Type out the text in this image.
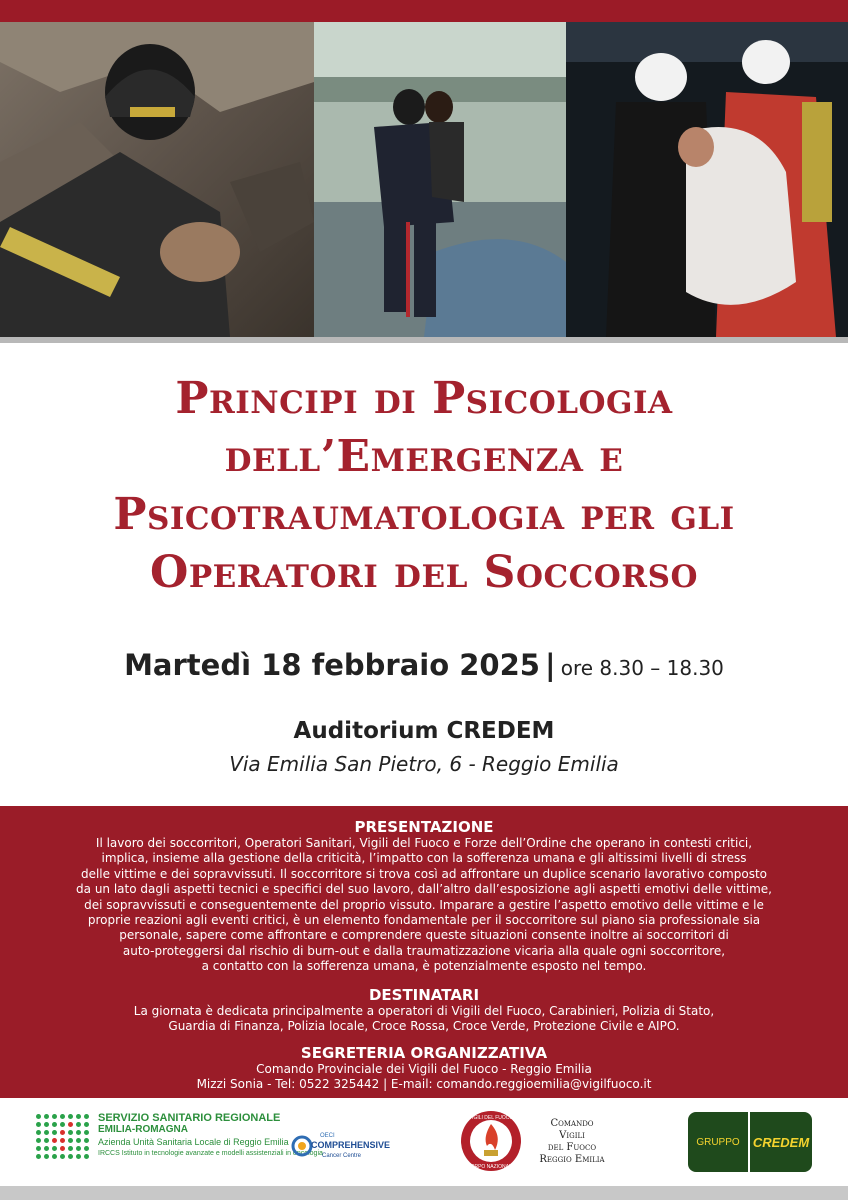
Principi di Psicologia
dell’Emergenza e
Psicotraumatologia per gli
Operatori del Soccorso
Martedì 18 febbraio 2025 | ore 8.30 – 18.30
Auditorium CREDEM
Via Emilia San Pietro, 6 - Reggio Emilia
PRESENTAZIONE
Il lavoro dei soccorritori, Operatori Sanitari, Vigili del Fuoco e Forze dell’Ordine che operano in contesti critici,
implica, insieme alla gestione della criticità, l’impatto con la sofferenza umana e gli altissimi livelli di stress
delle vittime e dei sopravvissuti. Il soccorritore si trova così ad affrontare un duplice scenario lavorativo composto
da un lato dagli aspetti tecnici e specifici del suo lavoro, dall’altro dall’esposizione agli aspetti emotivi delle vittime,
dei sopravvissuti e conseguentemente del proprio vissuto. Imparare a gestire l’aspetto emotivo delle vittime e le
proprie reazioni agli eventi critici, è un elemento fondamentale per il soccorritore sul piano sia professionale sia
personale, sapere come affrontare e comprendere queste situazioni consente inoltre ai soccorritori di
auto-proteggersi dal rischio di burn-out e dalla traumatizzazione vicaria alla quale ogni soccorritore,
a contatto con la sofferenza umana, è potenzialmente esposto nel tempo.
DESTINATARI
La giornata è dedicata principalmente a operatori di Vigili del Fuoco, Carabinieri, Polizia di Stato,
Guardia di Finanza, Polizia locale, Croce Rossa, Croce Verde, Protezione Civile e AIPO.
SEGRETERIA ORGANIZZATIVA
Comando Provinciale dei Vigili del Fuoco - Reggio Emilia
Mizzi Sonia - Tel: 0522 325442 | E-mail: comando.reggioemilia@vigilfuoco.it
SERVIZIO SANITARIO REGIONALE
EMILIA-ROMAGNA
Azienda Unità Sanitaria Locale di Reggio Emilia
IRCCS Istituto in tecnologie avanzate e modelli assistenziali in oncologia
OECI
COMPREHENSIVE
Cancer Centre
VIGILI DEL FUOCO
CORPO NAZIONALE
Comando
Vigili
del Fuoco
Reggio Emilia
GRUPPO	CREDEM
